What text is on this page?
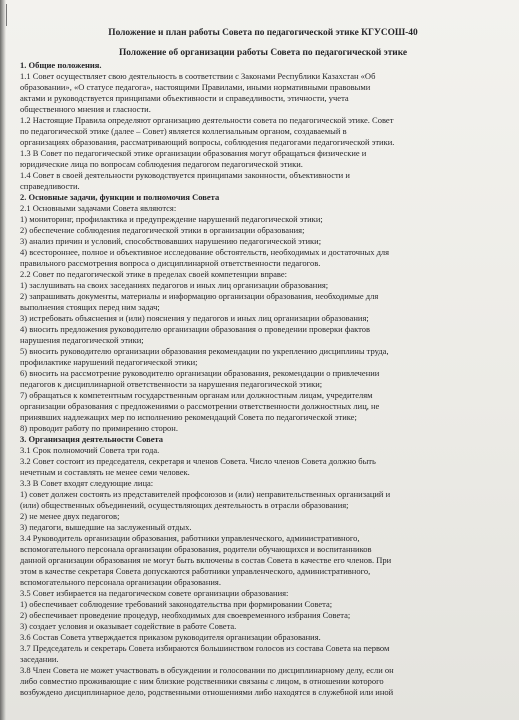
Положение и план работы Совета по педагогической этике КГУСОШ-40

Положение об организации работы Совета по педагогической этике

1. Общие положения.

1.1 Совет осуществляет свою деятельность в соответствии с Законами Республики Казахстан «Об

образовании», «О статусе педагога», настоящими Правилами, иными нормативными правовыми

актами и руководствуется принципами объективности и справедливости, этичности, учета

общественного мнения и гласности.

1.2 Настоящие Правила определяют организацию деятельности совета по педагогической этике. Совет

по педагогической этике (далее – Совет) является коллегиальным органом, создаваемый в

организациях образования, рассматривающий вопросы, соблюдения педагогами педагогической этики.

1.3 В Совет по педагогической этике организации образования могут обращаться физические и

юридические лица по вопросам соблюдения педагогом педагогической этики.

1.4 Совет в своей деятельности руководствуется принципами законности, объективности и

справедливости.

2. Основные задачи, функции и полномочия Совета

2.1 Основными задачами Совета являются:

1) мониторинг, профилактика и предупреждение нарушений педагогической этики;

2) обеспечение соблюдения педагогической этики в организации образования;

3) анализ причин и условий, способствовавших нарушению педагогической этики;

4) всестороннее, полное и объективное исследование обстоятельств, необходимых и достаточных для

правильного рассмотрения вопроса о дисциплинарной ответственности педагогов.

2.2 Совет по педагогической этике в пределах своей компетенции вправе:

1) заслушивать на своих заседаниях педагогов и иных лиц организации образования;

2) запрашивать документы, материалы и информацию организации образования, необходимые для

выполнения стоящих перед ним задач;

3) истребовать объяснения и (или) пояснения у педагогов и иных лиц организации образования;

4) вносить предложения руководителю организации образования о проведении проверки фактов

нарушения педагогической этики;

5) вносить руководителю организации образования рекомендации по укреплению дисциплины труда,

профилактике нарушений педагогической этики;

6) вносить на рассмотрение руководителю организации образования, рекомендации о привлечении

педагогов к дисциплинарной ответственности за нарушения педагогической этики;

7) обращаться к компетентным государственным органам или должностным лицам, учредителям

организации образования с предложениями о рассмотрении ответственности должностных лиц, не

принявших надлежащих мер по исполнению рекомендаций Совета по педагогической этике;

8) проводит работу по примирению сторон.

3. Организация деятельности Совета

3.1 Срок полномочий Совета три года.

3.2 Совет состоит из председателя, секретаря и членов Совета. Число членов Совета должно быть

нечетным и составлять не менее семи человек.

3.3 В Совет входят следующие лица:

1) совет должен состоять из представителей профсоюзов и (или) неправительственных организаций и

(или) общественных объединений, осуществляющих деятельность в отрасли образования;

2) не менее двух педагогов;

3) педагоги, вышедшие на заслуженный отдых.

3.4 Руководитель организации образования, работники управленческого, административного,

вспомогательного персонала организации образования, родители обучающихся и воспитанников

данной организации образования не могут быть включены в состав Совета в качестве его членов. При

этом в качестве секретаря Совета допускаются работники управленческого, административного,

вспомогательного персонала организации образования.

3.5 Совет избирается на педагогическом совете организации образования:

1) обеспечивает соблюдение требований законодательства при формировании Совета;

2) обеспечивает проведение процедур, необходимых для своевременного избрания Совета;

3) создает условия и оказывает содействие в работе Совета.

3.6 Состав Совета утверждается приказом руководителя организации образования.

3.7 Председатель и секретарь Совета избираются большинством голосов из состава Совета на первом

заседании.

3.8 Член Совета не может участвовать в обсуждении и голосовании по дисциплинарному делу, если он

либо совместно проживающие с ним близкие родственники связаны с лицом, в отношении которого

возбуждено дисциплинарное дело, родственными отношениями либо находятся в служебной или иной
